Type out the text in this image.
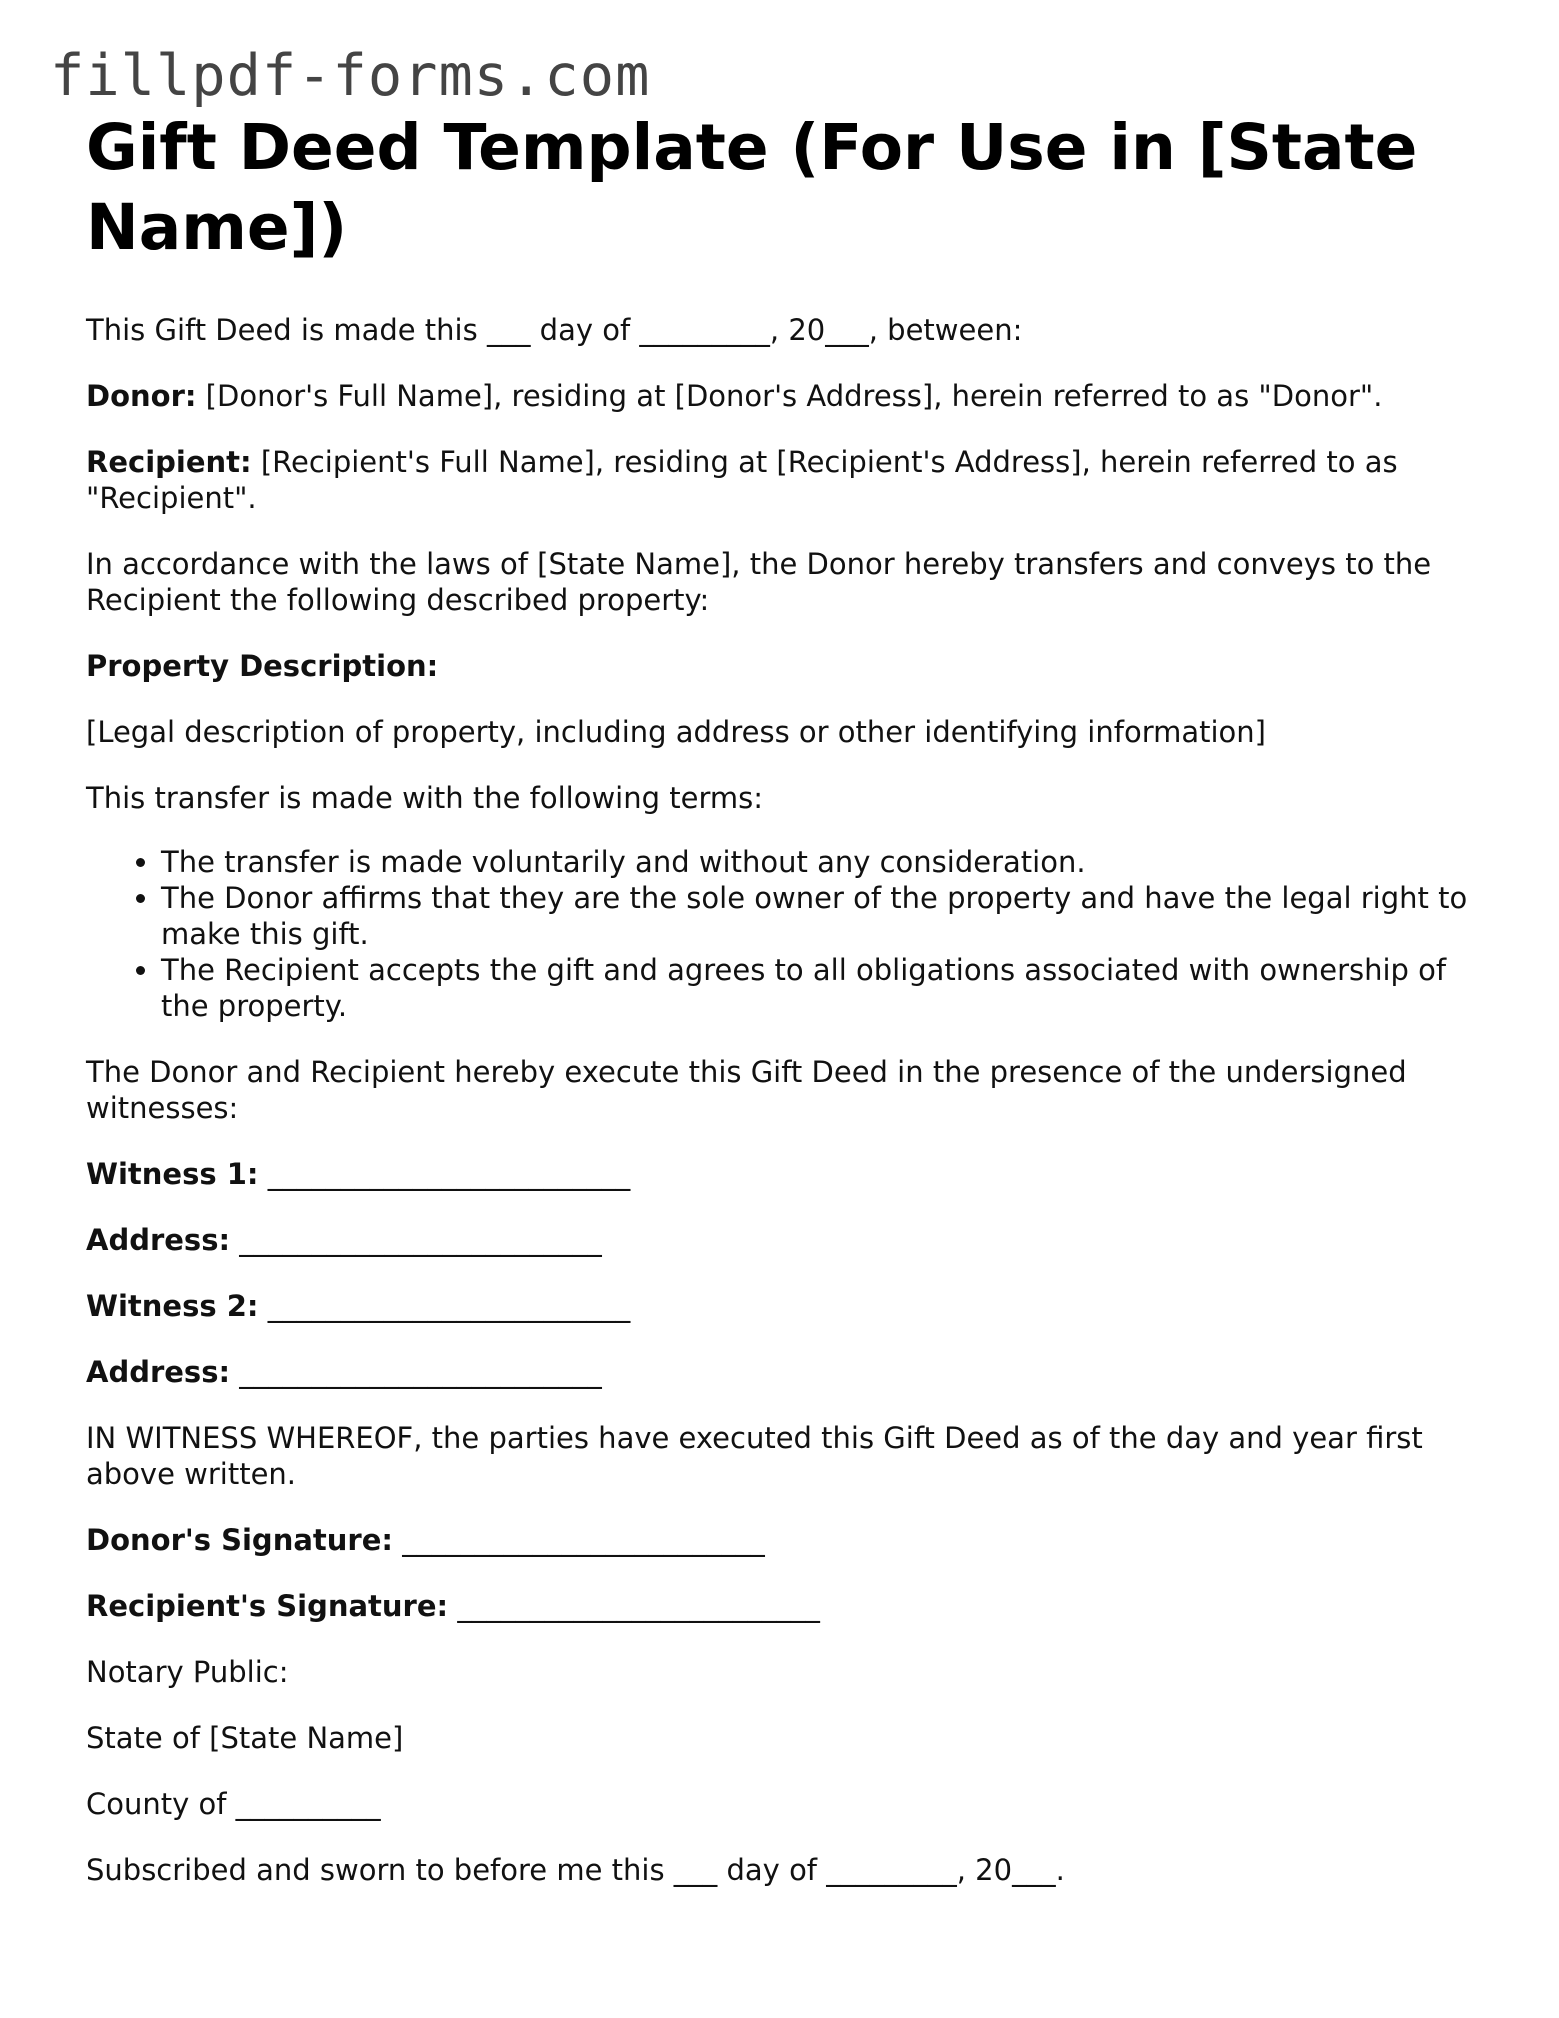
fillpdf-forms.com
Gift Deed Template (For Use in [State Name])

This Gift Deed is made this ___ day of _________, 20___, between:

Donor: [Donor's Full Name], residing at [Donor's Address], herein referred to as "Donor".

Recipient: [Recipient's Full Name], residing at [Recipient's Address], herein referred to as "Recipient".

In accordance with the laws of [State Name], the Donor hereby transfers and conveys to the Recipient the following described property:

Property Description:

[Legal description of property, including address or other identifying information]

This transfer is made with the following terms:

• The transfer is made voluntarily and without any consideration.
• The Donor affirms that they are the sole owner of the property and have the legal right to make this gift.
• The Recipient accepts the gift and agrees to all obligations associated with ownership of the property.

The Donor and Recipient hereby execute this Gift Deed in the presence of the undersigned witnesses:

Witness 1: _________________________

Address: _________________________

Witness 2: _________________________

Address: _________________________

IN WITNESS WHEREOF, the parties have executed this Gift Deed as of the day and year first above written.

Donor's Signature: _________________________

Recipient's Signature: _________________________

Notary Public:

State of [State Name]

County of __________

Subscribed and sworn to before me this ___ day of _________, 20___.
